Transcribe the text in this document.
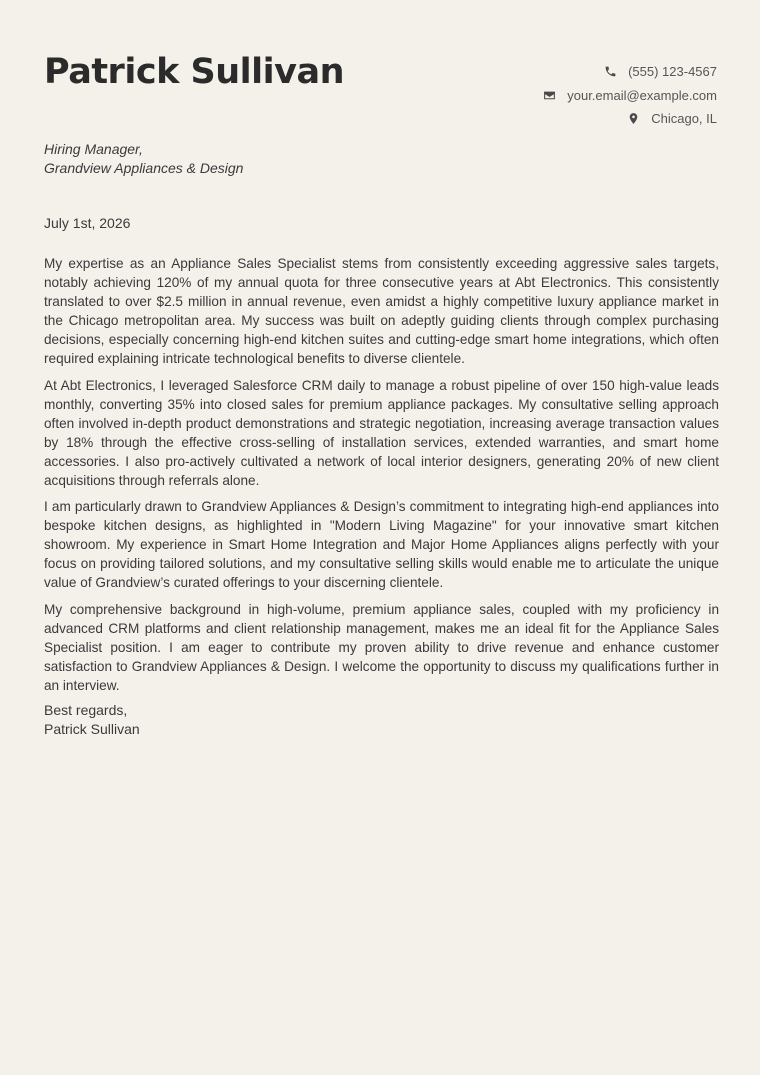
Patrick Sullivan	(555) 123-4567
your.email@example.com
Chicago, IL
Hiring Manager,
Grandview Appliances & Design
July 1st, 2026

My expertise as an Appliance Sales Specialist stems from consistently exceeding aggressive sales targets, notably achieving 120% of my annual quota for three consecutive years at Abt Electronics. This consistently translated to over $2.5 million in annual revenue, even amidst a highly competitive luxury appliance market in the Chicago metropolitan area. My success was built on adeptly guiding clients through complex purchasing decisions, especially concerning high-end kitchen suites and cutting-edge smart home integrations, which often required explaining intricate technological benefits to diverse clientele.

At Abt Electronics, I leveraged Salesforce CRM daily to manage a robust pipeline of over 150 high-value leads monthly, converting 35% into closed sales for premium appliance packages. My consultative selling approach often involved in-depth product demonstrations and strategic negotiation, increasing average transaction values by 18% through the effective cross-selling of installation services, extended warranties, and smart home accessories. I also pro-actively cultivated a network of local interior designers, generating 20% of new client acquisitions through referrals alone.

I am particularly drawn to Grandview Appliances & Design’s commitment to integrating high-end appliances into bespoke kitchen designs, as highlighted in "Modern Living Magazine" for your innovative smart kitchen showroom. My experience in Smart Home Integration and Major Home Appliances aligns perfectly with your focus on providing tailored solutions, and my consultative selling skills would enable me to articulate the unique value of Grandview’s curated offerings to your discerning clientele.

My comprehensive background in high-volume, premium appliance sales, coupled with my proficiency in advanced CRM platforms and client relationship management, makes me an ideal fit for the Appliance Sales Specialist position. I am eager to contribute my proven ability to drive revenue and enhance customer satisfaction to Grandview Appliances & Design. I welcome the opportunity to discuss my qualifications further in an interview.

Best regards,
Patrick Sullivan
